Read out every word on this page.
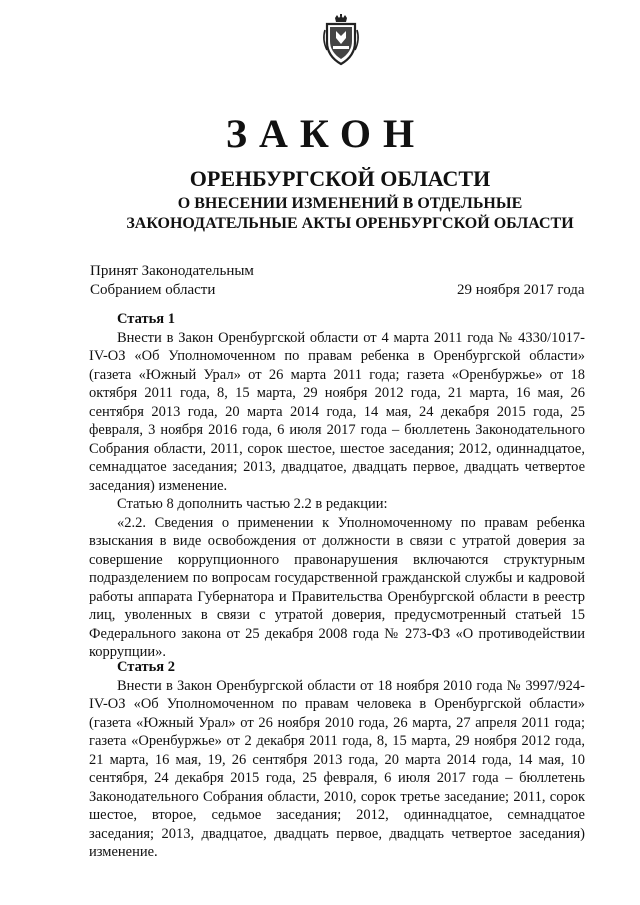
ЗАКОН
ОРЕНБУРГСКОЙ ОБЛАСТИ
О ВНЕСЕНИИ ИЗМЕНЕНИЙ В ОТДЕЛЬНЫЕ
ЗАКОНОДАТЕЛЬНЫЕ АКТЫ ОРЕНБУРГСКОЙ ОБЛАСТИ
Принят Законодательным
Собранием области	29 ноября 2017 года
Статья 1

Внести в Закон Оренбургской области от 4 марта 2011 года № 4330/1017-IV-ОЗ «Об Уполномоченном по правам ребенка в Оренбургской области» (газета «Южный Урал» от 26 марта 2011 года; газета «Оренбуржье» от 18 октября 2011 года, 8, 15 марта, 29 ноября 2012 года, 21 марта, 16 мая, 26 сентября 2013 года, 20 марта 2014 года, 14 мая, 24 декабря 2015 года, 25 февраля, 3 ноября 2016 года, 6 июля 2017 года – бюллетень Законодательного Собрания области, 2011, сорок шестое, шестое заседания; 2012, одиннадцатое, семнадцатое заседания; 2013, двадцатое, двадцать первое, двадцать четвертое заседания) изменение.

Статью 8 дополнить частью 2.2 в редакции:

«2.2. Сведения о применении к Уполномоченному по правам ребенка взыскания в виде освобождения от должности в связи с утратой доверия за совершение коррупционного правонарушения включаются структурным подразделением по вопросам государственной гражданской службы и кадровой работы аппарата Губернатора и Правительства Оренбургской области в реестр лиц, уволенных в связи с утратой доверия, предусмотренный статьей 15 Федерального закона от 25 декабря 2008 года № 273-ФЗ «О противодействии коррупции».

Статья 2

Внести в Закон Оренбургской области от 18 ноября 2010 года № 3997/924-IV-ОЗ «Об Уполномоченном по правам человека в Оренбургской области» (газета «Южный Урал» от 26 ноября 2010 года, 26 марта, 27 апреля 2011 года; газета «Оренбуржье» от 2 декабря 2011 года, 8, 15 марта, 29 ноября 2012 года, 21 марта, 16 мая, 19, 26 сентября 2013 года, 20 марта 2014 года, 14 мая, 10 сентября, 24 декабря 2015 года, 25 февраля, 6 июля 2017 года – бюллетень Законодательного Собрания области, 2010, сорок третье заседание; 2011, сорок шестое, второе, седьмое заседания; 2012, одиннадцатое, семнадцатое заседания; 2013, двадцатое, двадцать первое, двадцать четвертое заседания) изменение.
